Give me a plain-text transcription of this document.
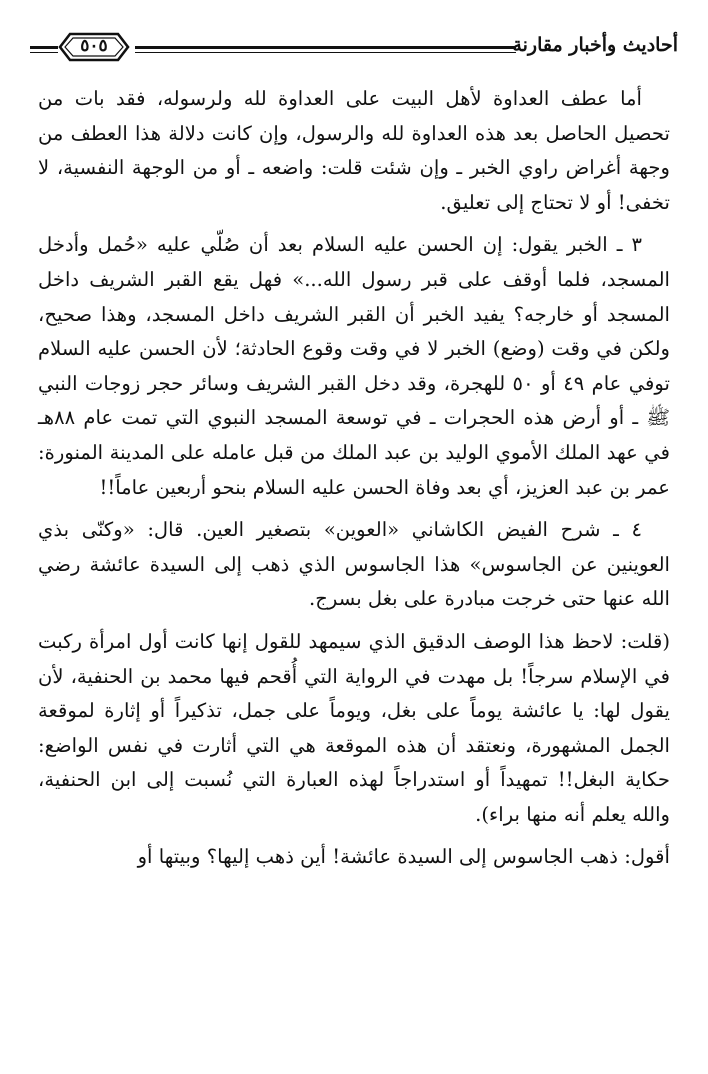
أحاديث وأخبار مقارنة
٥٠٥

أما عطف العداوة لأهل البيت على العداوة لله ولرسوله، فقد بات من تحصيل الحاصل بعد هذه العداوة لله والرسول، وإن كانت دلالة هذا العطف من وجهة أغراض راوي الخبر ـ وإن شئت قلت: واضعه ـ أو من الوجهة النفسية، لا تخفى! أو لا تحتاج إلى تعليق.

٣ ـ الخبر يقول: إن الحسن عليه السلام بعد أن صُلّي عليه «حُمل وأدخل المسجد، فلما أوقف على قبر رسول الله...» فهل يقع القبر الشريف داخل المسجد أو خارجه؟ يفيد الخبر أن القبر الشريف داخل المسجد، وهذا صحيح، ولكن في وقت (وضع) الخبر لا في وقت وقوع الحادثة؛ لأن الحسن عليه السلام توفي عام ٤٩ أو ٥٠ للهجرة، وقد دخل القبر الشريف وسائر حجر زوجات النبي ﷺ ـ أو أرض هذه الحجرات ـ في توسعة المسجد النبوي التي تمت عام ٨٨هـ في عهد الملك الأموي الوليد بن عبد الملك من قبل عامله على المدينة المنورة: عمر بن عبد العزيز، أي بعد وفاة الحسن عليه السلام بنحو أربعين عاماً!!

٤ ـ شرح الفيض الكاشاني «العوين» بتصغير العين. قال: «وكنّى بذي العوينين عن الجاسوس» هذا الجاسوس الذي ذهب إلى السيدة عائشة رضي الله عنها حتى خرجت مبادرة على بغل بسرج.

(قلت: لاحظ هذا الوصف الدقيق الذي سيمهد للقول إنها كانت أول امرأة ركبت في الإسلام سرجاً! بل مهدت في الرواية التي أُقحم فيها محمد بن الحنفية، لأن يقول لها: يا عائشة يوماً على بغل، ويوماً على جمل، تذكيراً أو إثارة لموقعة الجمل المشهورة، ونعتقد أن هذه الموقعة هي التي أثارت في نفس الواضع: حكاية البغل!! تمهيداً أو استدراجاً لهذه العبارة التي نُسبت إلى ابن الحنفية، والله يعلم أنه منها براء).

أقول: ذهب الجاسوس إلى السيدة عائشة! أين ذهب إليها؟ وبيتها أو
